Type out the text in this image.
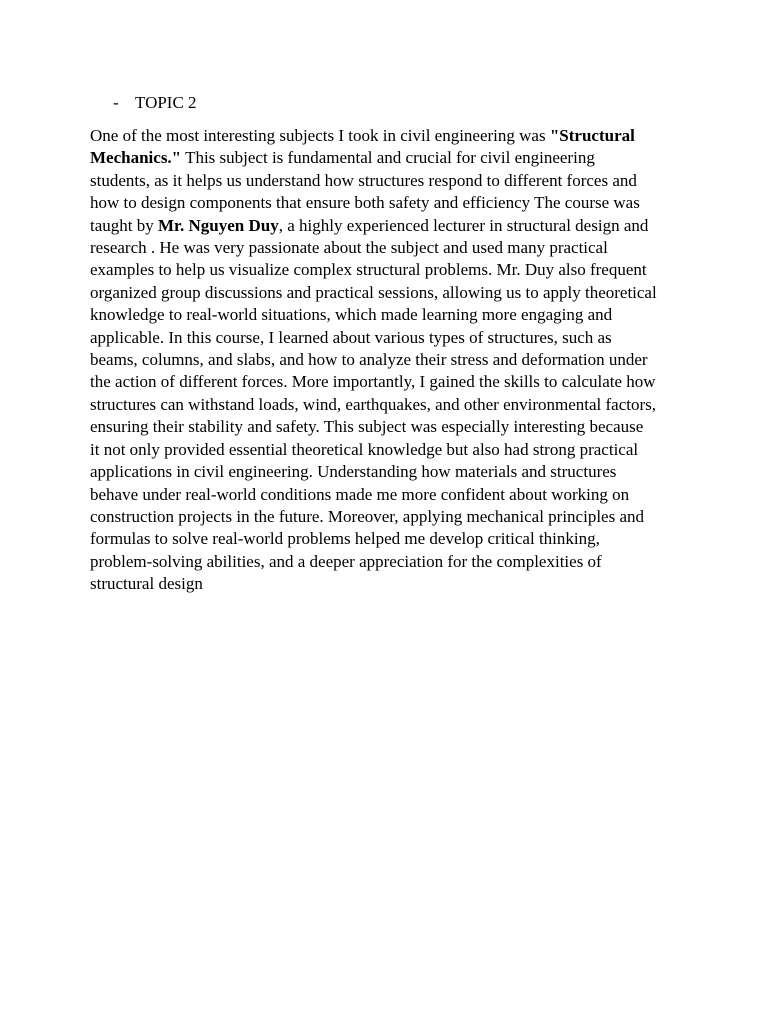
- TOPIC 2
One of the most interesting subjects I took in civil engineering was "Structural
Mechanics." This subject is fundamental and crucial for civil engineering
students, as it helps us understand how structures respond to different forces and
how to design components that ensure both safety and efficiency The course was
taught by Mr. Nguyen Duy, a highly experienced lecturer in structural design and
research . He was very passionate about the subject and used many practical
examples to help us visualize complex structural problems. Mr. Duy also frequent
organized group discussions and practical sessions, allowing us to apply theoretical
knowledge to real-world situations, which made learning more engaging and
applicable. In this course, I learned about various types of structures, such as
beams, columns, and slabs, and how to analyze their stress and deformation under
the action of different forces. More importantly, I gained the skills to calculate how
structures can withstand loads, wind, earthquakes, and other environmental factors,
ensuring their stability and safety. This subject was especially interesting because
it not only provided essential theoretical knowledge but also had strong practical
applications in civil engineering. Understanding how materials and structures
behave under real-world conditions made me more confident about working on
construction projects in the future. Moreover, applying mechanical principles and
formulas to solve real-world problems helped me develop critical thinking,
problem-solving abilities, and a deeper appreciation for the complexities of
structural design
